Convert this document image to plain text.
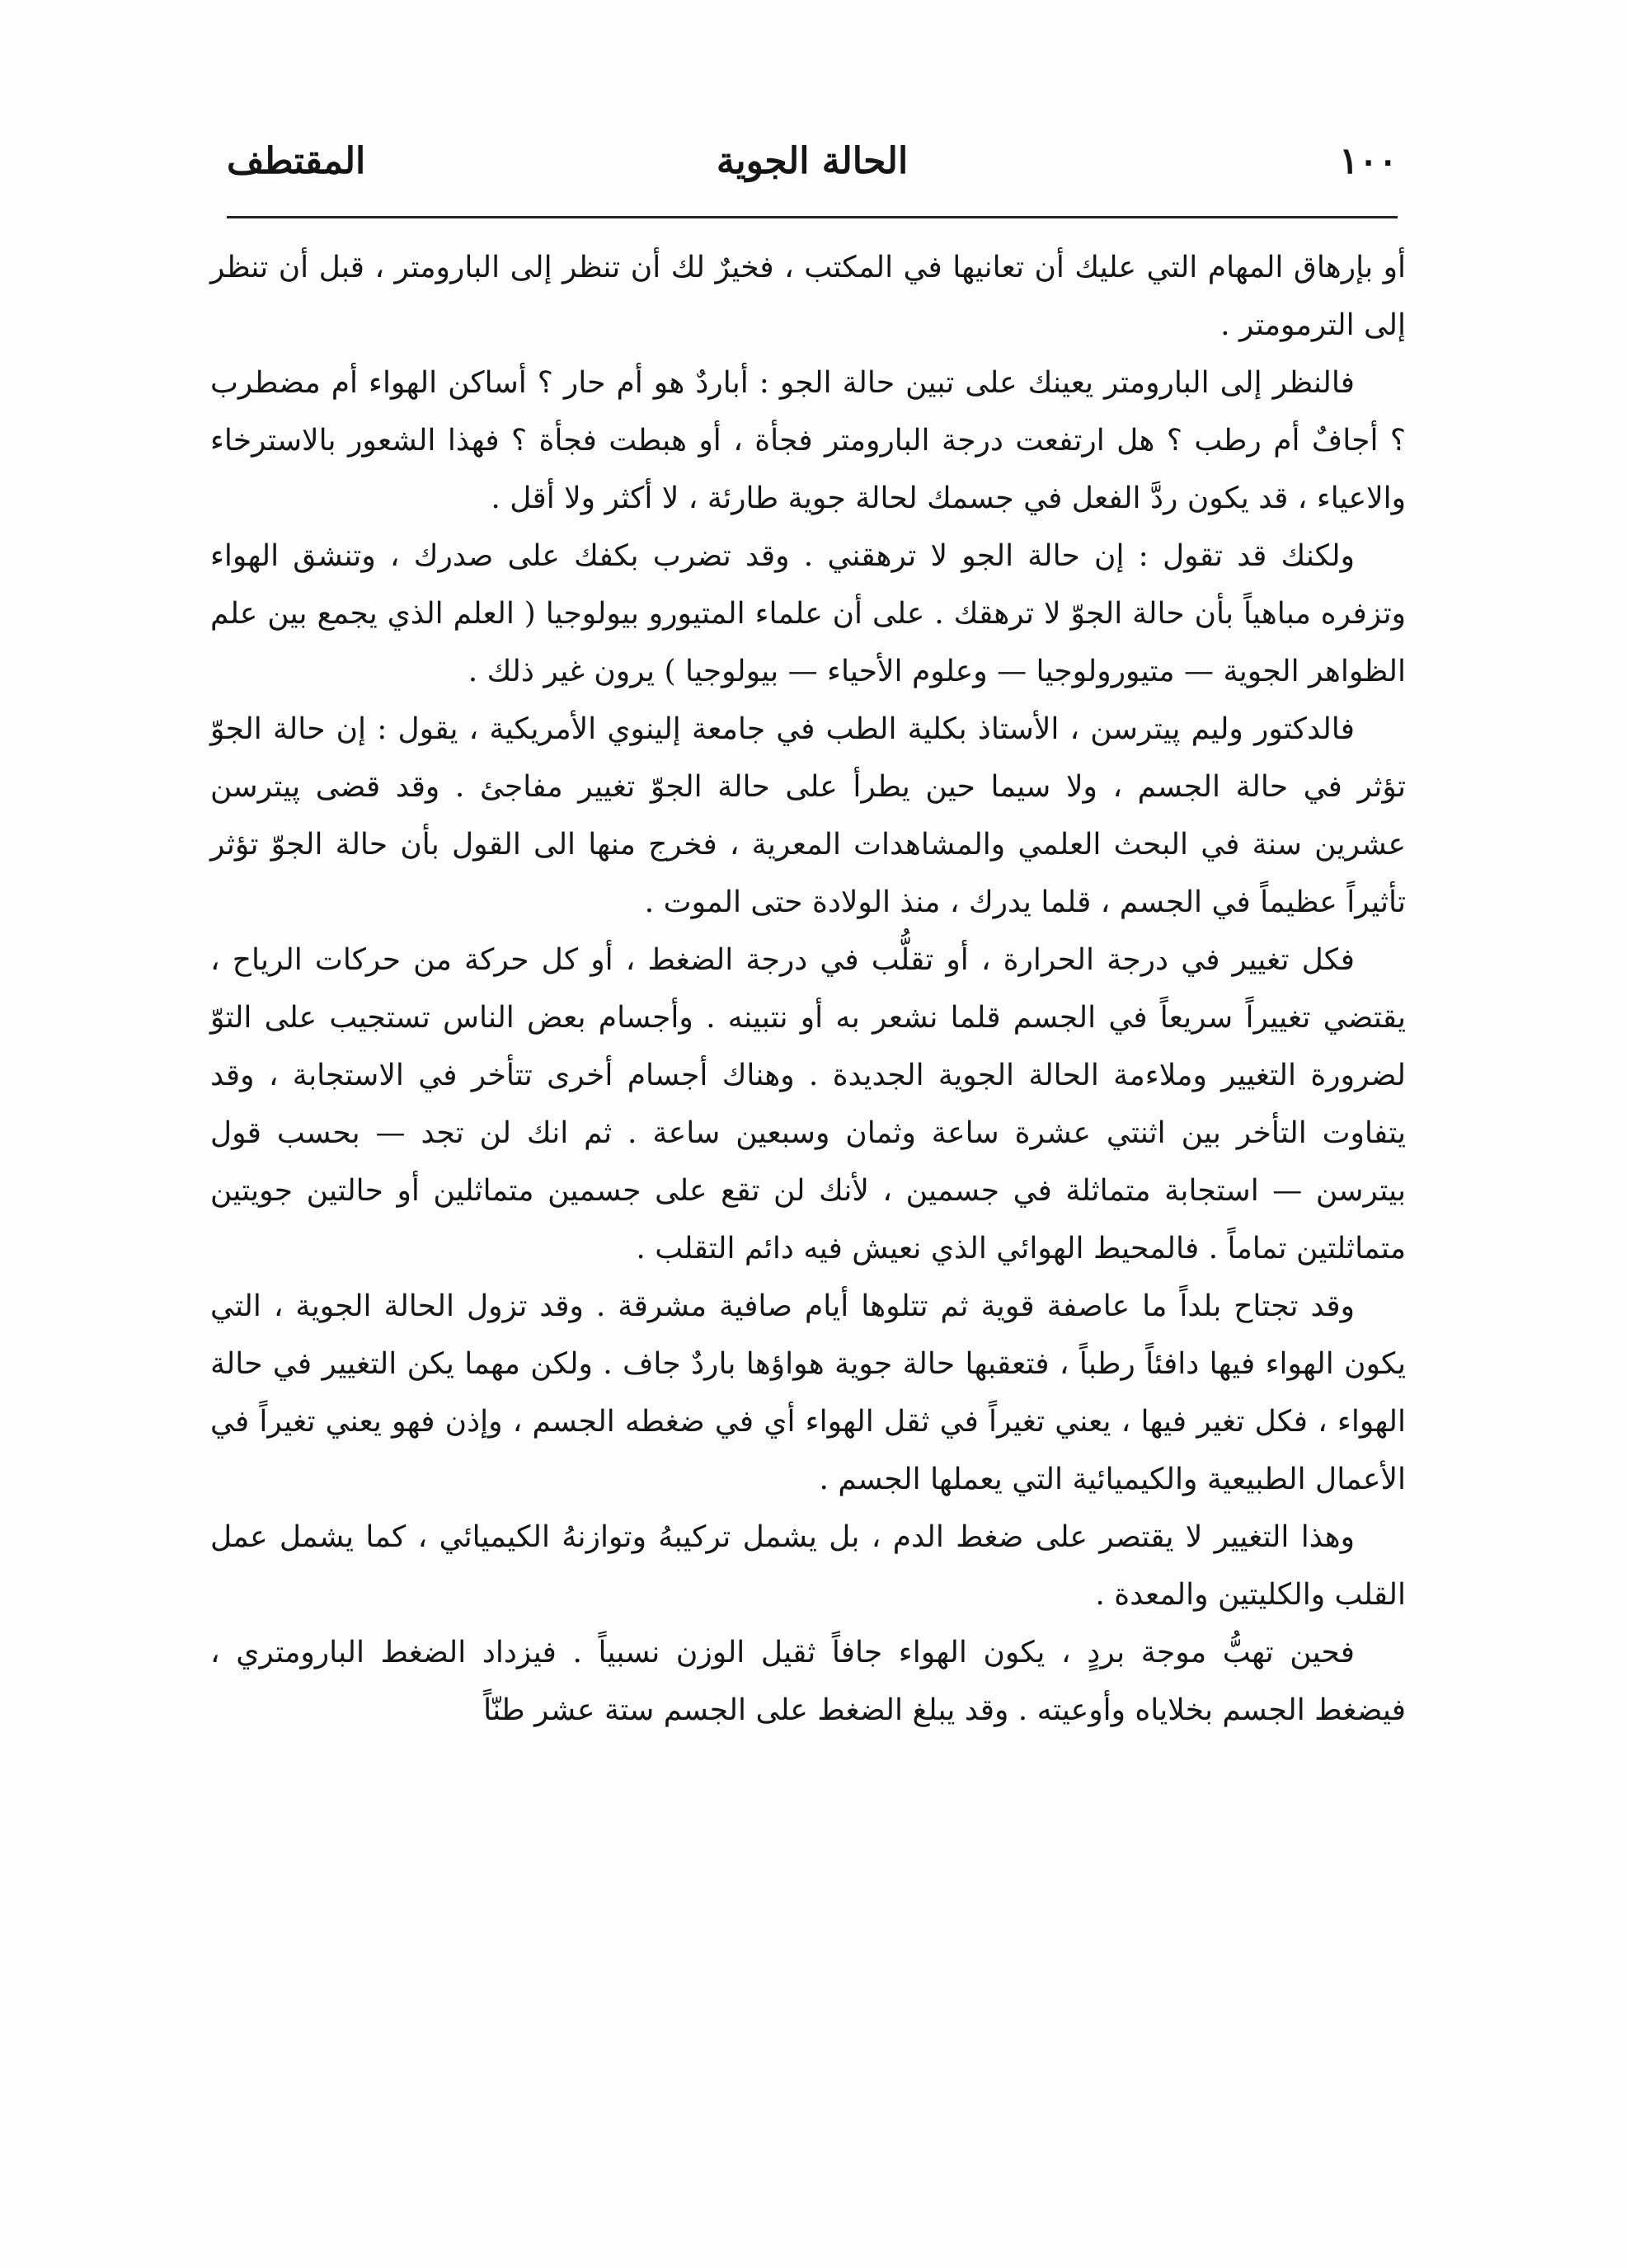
١٠٠
الحالة الجوية
المقتطف

أو بإرهاق المهام التي عليك أن تعانيها في المكتب ، فخيرٌ لك أن تنظر إلى البارومتر ، قبل أن تنظر إلى الترمومتر .

فالنظر إلى البارومتر يعينك على تبين حالة الجو : أباردٌ هو أم حار ؟ أساكن الهواء أم مضطرب ؟ أجافٌ أم رطب ؟ هل ارتفعت درجة البارومتر فجأة ، أو هبطت فجأة ؟ فهذا الشعور بالاسترخاء والاعياء ، قد يكون ردَّ الفعل في جسمك لحالة جوية طارئة ، لا أكثر ولا أقل .

ولكنك قد تقول : إن حالة الجو لا ترهقني . وقد تضرب بكفك على صدرك ، وتنشق الهواء وتزفره مباهياً بأن حالة الجوّ لا ترهقك . على أن علماء المتيورو بيولوجيا ( العلم الذي يجمع بين علم الظواهر الجوية — متيورولوجيا — وعلوم الأحياء — بيولوجيا ) يرون غير ذلك .

فالدكتور وليم پيترسن ، الأستاذ بكلية الطب في جامعة إلينوي الأمريكية ، يقول : إن حالة الجوّ تؤثر في حالة الجسم ، ولا سيما حين يطرأ على حالة الجوّ تغيير مفاجئ . وقد قضى پيترسن عشرين سنة في البحث العلمي والمشاهدات المعرية ، فخرج منها الى القول بأن حالة الجوّ تؤثر تأثيراً عظيماً في الجسم ، قلما يدرك ، منذ الولادة حتى الموت .

فكل تغيير في درجة الحرارة ، أو تقلُّب في درجة الضغط ، أو كل حركة من حركات الرياح ، يقتضي تغييراً سريعاً في الجسم قلما نشعر به أو نتبينه . وأجسام بعض الناس تستجيب على التوّ لضرورة التغيير وملاءمة الحالة الجوية الجديدة . وهناك أجسام أخرى تتأخر في الاستجابة ، وقد يتفاوت التأخر بين اثنتي عشرة ساعة وثمان وسبعين ساعة . ثم انك لن تجد — بحسب قول بيترسن — استجابة متماثلة في جسمين ، لأنك لن تقع على جسمين متماثلين أو حالتين جويتين متماثلتين تماماً . فالمحيط الهوائي الذي نعيش فيه دائم التقلب .

وقد تجتاح بلداً ما عاصفة قوية ثم تتلوها أيام صافية مشرقة . وقد تزول الحالة الجوية ، التي يكون الهواء فيها دافئاً رطباً ، فتعقبها حالة جوية هواؤها باردٌ جاف . ولكن مهما يكن التغيير في حالة الهواء ، فكل تغير فيها ، يعني تغيراً في ثقل الهواء أي في ضغطه الجسم ، وإذن فهو يعني تغيراً في الأعمال الطبيعية والكيميائية التي يعملها الجسم .

وهذا التغيير لا يقتصر على ضغط الدم ، بل يشمل تركيبهُ وتوازنهُ الكيميائي ، كما يشمل عمل القلب والكليتين والمعدة .

فحين تهبُّ موجة بردٍ ، يكون الهواء جافاً ثقيل الوزن نسبياً . فيزداد الضغط البارومتري ، فيضغط الجسم بخلاياه وأوعيته . وقد يبلغ الضغط على الجسم ستة عشر طنّاً
